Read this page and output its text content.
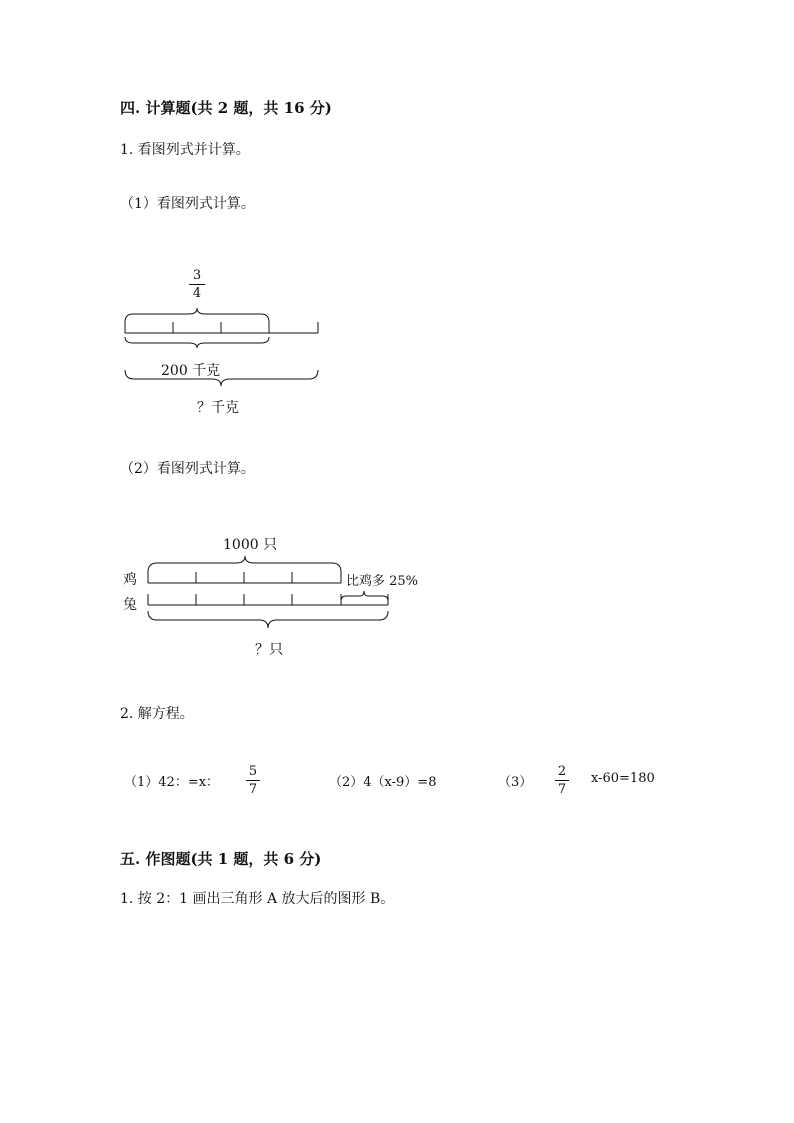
四. 计算题(共 2 题，共 16 分)
1. 看图列式并计算。
（1）看图列式计算。
3
4
200 千克
？千克
（2）看图列式计算。
1000 只
鸡
兔
比鸡多 25%
？只
2. 解方程。
（1）42：=x：
5
7	（2）4（x-9）=8	（3）
2
7
x-60=180
五. 作图题(共 1 题，共 6 分)
1. 按 2：1 画出三角形 A 放大后的图形 B。
